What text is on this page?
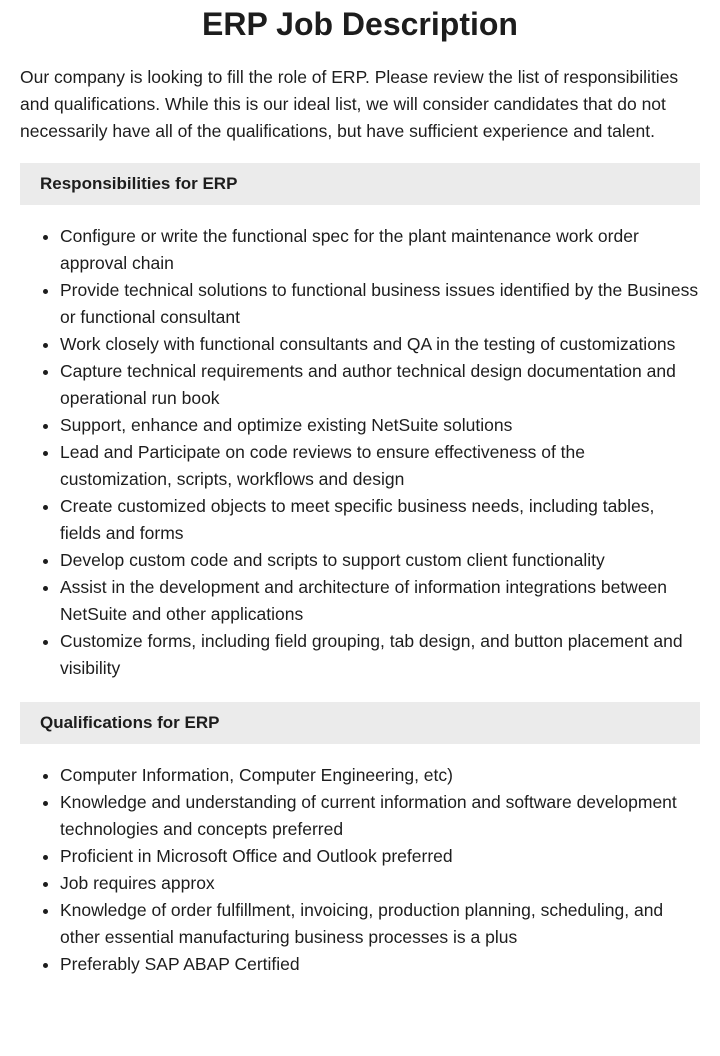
ERP Job Description

Our company is looking to fill the role of ERP. Please review the list of responsibilities and qualifications. While this is our ideal list, we will consider candidates that do not necessarily have all of the qualifications, but have sufficient experience and talent.

Responsibilities for ERP
• Configure or write the functional spec for the plant maintenance work order approval chain
• Provide technical solutions to functional business issues identified by the Business or functional consultant
• Work closely with functional consultants and QA in the testing of customizations
• Capture technical requirements and author technical design documentation and operational run book
• Support, enhance and optimize existing NetSuite solutions
• Lead and Participate on code reviews to ensure effectiveness of the customization, scripts, workflows and design
• Create customized objects to meet specific business needs, including tables, fields and forms
• Develop custom code and scripts to support custom client functionality
• Assist in the development and architecture of information integrations between NetSuite and other applications
• Customize forms, including field grouping, tab design, and button placement and visibility
Qualifications for ERP
• Computer Information, Computer Engineering, etc)
• Knowledge and understanding of current information and software development technologies and concepts preferred
• Proficient in Microsoft Office and Outlook preferred
• Job requires approx
• Knowledge of order fulfillment, invoicing, production planning, scheduling, and other essential manufacturing business processes is a plus
• Preferably SAP ABAP Certified
